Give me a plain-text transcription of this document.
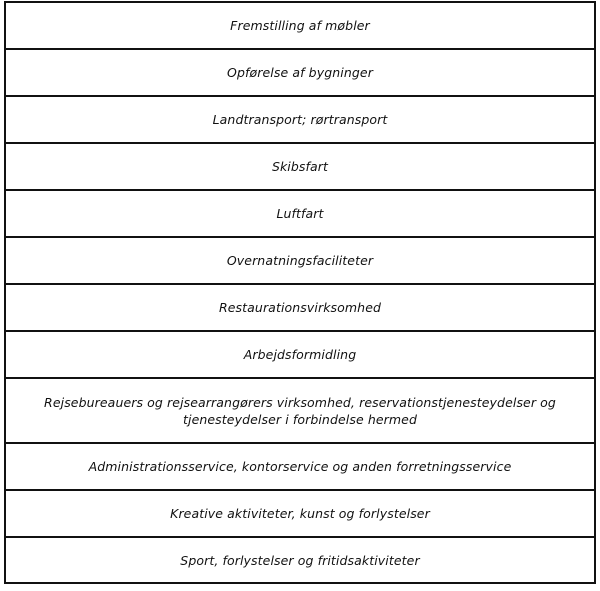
Fremstilling af møbler
Opførelse af bygninger
Landtransport; rørtransport
Skibsfart
Luftfart
Overnatningsfaciliteter
Restaurationsvirksomhed
Arbejdsformidling
Rejsebureauers og rejsearrangørers virksomhed, reservationstjenesteydelser og tjenesteydelser i forbindelse hermed
Administrationsservice, kontorservice og anden forretningsservice
Kreative aktiviteter, kunst og forlystelser
Sport, forlystelser og fritidsaktiviteter
